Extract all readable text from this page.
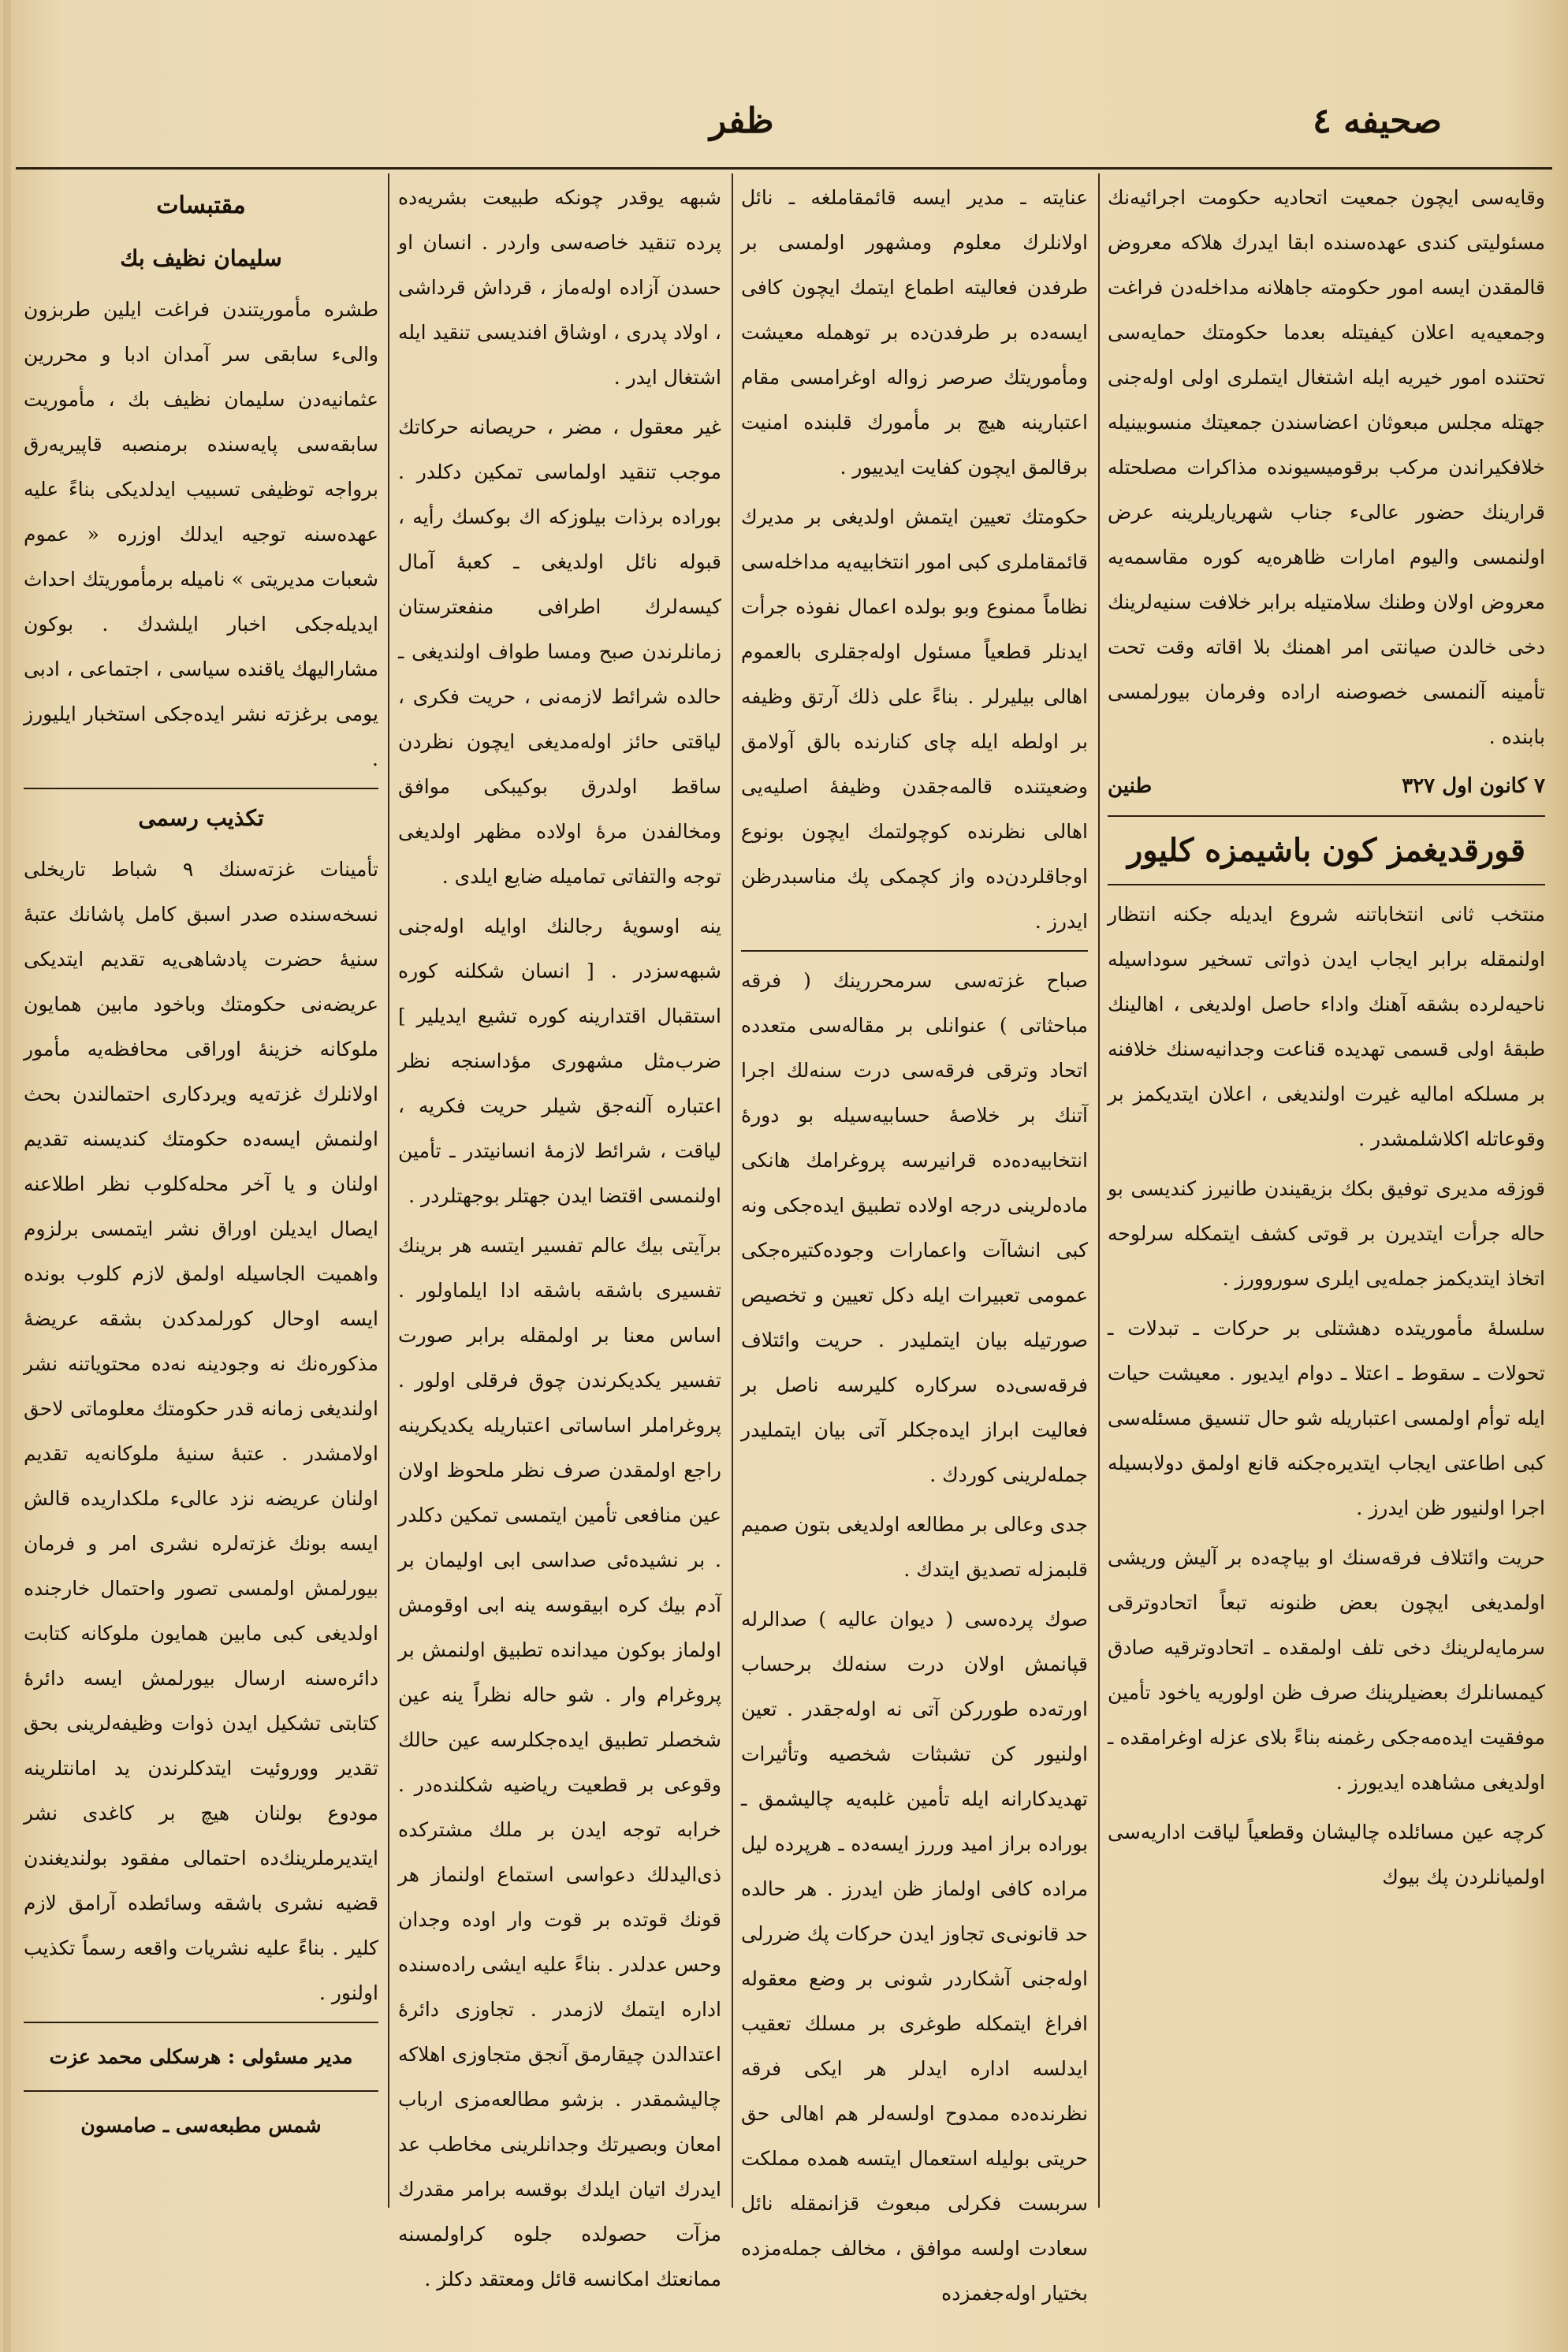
صحیفه ٤
ظفر

وقایه‌سی ایچون جمعیت اتحادیه حکومت اجرائیه‌نك مسئولیتی کندی عهده‌سنده ابقا ایدرك هلاکه معروض قالمقدن ایسه امور حکومته جاهلانه مداخله‌دن فراغت وجمعیه‌یه اعلان کیفیتله بعدما حکومتك حمایه‌سی تحتنده امور خیریه ایله اشتغال ایتملری اولی اوله‌جنی جهتله مجلس مبعوثان اعضاسندن جمعیتك منسوبینیله خلافکیراندن مرکب برقومیسیونده مذاکرات مصلحتله قرارینك حضور عالی‌ء جناب شهریاریلرینه عرض اولنمسی والیوم امارات ظاهره‌یه کوره مقاسمه‌یه معروض اولان وطنك سلامتیله برابر خلافت سنیه‌لرینك دخی خالدن صیانتی امر اهمنك بلا اقاته وقت تحت تأمینه آلنمسی خصوصنه اراده وفرمان بیورلمسی بابنده .

۷ کانون اول ۳۲۷
طنین
قورقدیغمز کون باشیمزه کلیور

منتخب ثانی انتخاباتنه شروع ایدیله جکنه انتظار اولنمقله برابر ایجاب ایدن ذواتی تسخیر سوداسیله ناحیه‌لرده بشقه آهنك واداء حاصل اولدیغی ، اهالینك طبقهٔ اولی قسمی تهدیده قناعت وجدانیه‌سنك خلافنه بر مسلکه امالیه غیرت اولندیغی ، اعلان ایتدیکمز بر وقوعاتله اکلاشلمشدر .

قوزقه مدیری توفیق بکك بزیقیندن طانیرز کندیسی بو حاله جرأت ایتدیرن بر قوتی کشف ایتمکله سرلوحه اتخاذ ایتدیکمز جمله‌یی ایلری سوروورز .

سلسلهٔ مأموریتده دهشتلی بر حرکات ـ تبدلات ـ تحولات ـ سقوط ـ اعتلا ـ دوام ایدیور . معیشت حیات ایله توأم اولمسی اعتباریله شو حال تنسیق مسئله‌سی کبی اطاعتی ایجاب ایتدیره‌جکنه قانع اولمق دولابسیله اجرا اولنیور ظن ایدرز .

حریت وائتلاف فرقه‌سنك او بیاچه‌ده بر آلیش وریشی اولمدیغی ایچون بعض ظنونه تبعاً اتحادوترقی سرمایه‌لرینك دخی تلف اولمقده ـ اتحادوترقیه صادق کیمسانلرك بعضیلرینك صرف ظن اولوریه یاخود تأمین موفقیت ایده‌مه‌جکی رغمنه بناءً بلای عزله اوغرامقده ـ اولدیغی مشاهده ایدیورز .

کرچه عین مسائلده چالیشان وقطعیاً لیاقت اداریه‌سی اولمیانلردن پك بیوك

عنایته ـ مدیر ایسه قائمقاملغه ـ نائل اولانلرك معلوم ومشهور اولمسی بر طرفدن فعالیته اطماع ایتمك ایچون کافی ایسه‌ده بر طرفدن‌ده بر توهمله معیشت ومأموریتك صرصر زواله اوغرامسی مقام اعتبارینه هیچ بر مأمورك قلبنده امنیت برقالمق ایچون کفایت ایدییور .

حکومتك تعیین ایتمش اولدیغی بر مدیرك قائمقاملری کبی امور انتخابیه‌یه مداخله‌سی نظاماً ممنوع وبو بولده اعمال نفوذه جرأت ایدنلر قطعیاً مسئول اوله‌جقلری بالعموم اهالی بیلیرلر . بناءً علی ذلك آرتق وظیفه بر اولطه ایله چای کنارنده بالق آولامق وضعیتنده قالمه‌جقدن وظیفهٔ اصلیه‌یی اهالی نظرنده کوچولتمك ایچون بونوع اوجاقلردن‌ده واز کچمکی پك مناسبدرظن ایدرز .

صباح غزته‌سی سرمحررینك ( فرقه مباحثاتی ) عنوانلی بر مقاله‌سی متعدده اتحاد وترقی فرقه‌سی درت سنه‌لك اجرا آتنك بر خلاصهٔ حسابیه‌سیله بو دورهٔ انتخابیه‌ده‌ده قرانیرسه پروغرامك هانکی ماده‌لرینی درجه اولاده تطبیق ایده‌جکی ونه کبی انشاآت واعمارات وجوده‌کتیره‌جکی عمومی تعبیرات ایله دکل تعیین و تخصیص صورتیله بیان ایتملیدر . حریت وائتلاف فرقه‌سی‌ده سرکاره کلیرسه ناصل بر فعالیت ابراز ایده‌جکلر آتی بیان ایتملیدر جمله‌لرینی کوردك .

جدی وعالی بر مطالعه اولدیغی بتون صمیم قلبمزله تصدیق ایتدك .

صوك پرده‌سی ( دیوان عالیه ) صدالرله قپانمش اولان درت سنه‌لك برحساب اورته‌ده طوررکن آتی نه اوله‌جقدر . تعین اولنیور کن تشبثات شخصیه وتأثیرات تهدیدکارانه ایله تأمین غلبه‌یه چالیشمق ـ بوراده براز امید وررز ایسه‌ده ـ هرپرده لیل مراده کافی اولماز ظن ایدرز . هر حالده حد قانونی‌ی تجاوز ایدن حرکات پك ضررلی اوله‌جنی آشکاردر شونی بر وضع معقوله افراغ ایتمکله طوغری بر مسلك تعقیب ایدلسه اداره ایدلر هر ایکی فرقه نظرنده‌ده ممدوح اولسه‌لر هم اهالی حق حریتی بولیله استعمال ایتسه همده مملکت سربست فکرلی مبعوث قزانمقله نائل سعادت اولسه موافق ، مخالف جمله‌مزده بختیار اوله‌جغمزده

شبهه یوقدر چونکه طبیعت بشریه‌ده پرده تنقید خاصه‌سی واردر . انسان او حسدن آزاده اوله‌ماز ، قرداش قرداشی ، اولاد پدری ، اوشاق افندیسی تنقید ایله اشتغال ایدر .

غیر معقول ، مضر ، حریصانه حرکاتك موجب تنقید اولماسی تمکین دکلدر . بوراده برذات بیلوزکه اك بوکسك رأیه ، قبوله نائل اولدیغی ـ کعبهٔ آمال کیسه‌لرك اطرافی منفعترستان زمانلرندن صبح ومسا طواف اولندیغی ـ حالده شرائط لازمه‌نی ، حریت فکری ، لیاقتی حائز اوله‌مدیغی ایچون نظردن ساقط اولدرق بوکیبکی موافق ومخالفدن مرهٔ اولاده مظهر اولدیغی توجه والتفاتی تمامیله ضایع ایلدی .

ینه اوسویهٔ رجالنك اوایله اوله‌جنی شبهه‌سزدر . [ انسان شکلنه کوره استقبال اقتدارینه کوره تشیع ایدیلیر ] ضرب‌مثل مشهوری مؤداسنجه نظر اعتباره آلنه‌جق شیلر حریت فکریه ، لیاقت ، شرائط لازمهٔ انسانیتدر ـ تأمین اولنمسی اقتضا ایدن جهتلر بوجهتلردر .

برآیتی بیك عالم تفسیر ایتسه هر برینك تفسیری باشقه باشقه ادا ایلماولور . اساس معنا بر اولمقله برابر صورت تفسیر یکدیکرندن چوق فرقلی اولور . پروغراملر اساساتی اعتباریله یکدیکرینه راجع اولمقدن صرف نظر ملحوظ اولان عین منافعی تأمین ایتمسی تمکین دکلدر . بر نشیده‌ئی صداسی ابی اولیمان بر آدم بیك کره ابیقوسه ینه ابی اوقومش اولماز بوکون میدانده تطبیق اولنمش بر پروغرام وار . شو حاله نظراً ینه عین شخصلر تطبیق ایده‌جکلرسه عین حالك وقوعی بر قطعیت ریاضیه شکلنده‌در . خرابه توجه ایدن بر ملك مشترکده ذی‌الیدلك دعواسی استماع اولنماز هر قونك قوتده بر قوت وار اوده وجدان وحس عدلدر . بناءً علیه ایشی راده‌سنده اداره ایتمك لازمدر . تجاوزی دائرهٔ اعتدالدن چیقارمق آنجق متجاوزی اهلاکه چالیشمقدر . بزشو مطالعه‌مزی ارباب امعان وبصیرتك وجدانلرینی مخاطب عد ایدرك اتیان ایلدك بوقسه برامر مقدرك مزآت حصولده جلوه کراولمسنه ممانعتك امکانسه قائل ومعتقد دکلز .

مقتبسات
سلیمان نظیف بك

طشره مأموریتندن فراغت ایلین طربزون والی‌ء سابقی سر آمدان ادبا و محررین عثمانیه‌دن سلیمان نظیف بك ، مأموریت سابقه‌سی پایه‌سنده برمنصبه قاپیریه‌رق برواجه توظیفی تسبیب ایدلدیکی بناءً علیه عهده‌سنه توجیه ایدلك اوزره « عموم شعبات مدیریتی » نامیله برمأموریتك احداث ایدیله‌جکی اخبار ایلشدك . بوکون مشارالیهك یاقنده سیاسی ، اجتماعی ، ادبی یومی برغزته نشر ایده‌جکی استخبار ایلیورز .

تکذیب رسمی

تأمینات غزته‌سنك ۹ شباط تاریخلی نسخه‌سنده صدر اسبق کامل پاشانك عتبهٔ سنیهٔ حضرت پادشاهی‌یه تقدیم ایتدیکی عریضه‌نی حکومتك وباخود مابین همایون ملوکانه خزینهٔ اوراقی محافظه‌یه مأمور اولانلرك غزته‌یه ویردکاری احتمالندن بحث اولنمش ایسه‌ده حکومتك کندیسنه تقدیم اولنان و یا آخر محله‌کلوب نظر اطلاعنه ایصال ایدیلن اوراق نشر ایتمسی برلزوم واهمیت الجاسیله اولمق لازم کلوب بونده ایسه اوحال کورلمدکدن بشقه عریضهٔ مذکوره‌نك نه وجودینه نه‌ده محتویاتنه نشر اولندیغی زمانه قدر حکومتك معلوماتی لاحق اولامشدر . عتبهٔ سنیهٔ ملوکانه‌یه تقدیم اولنان عریضه نزد عالی‌ء ملکداریده قالش ایسه بونك غزته‌لره نشری امر و فرمان بیورلمش اولمسی تصور واحتمال خارجنده اولدیغی کبی مابین همایون ملوکانه کتابت دائره‌سنه ارسال بیورلمش ایسه دائرهٔ کتابتی تشکیل ایدن ذوات وظیفه‌لرینی بحق تقدیر ووروئیت ایتدکلرندن ید امانتلرینه مودوع بولنان هیچ بر کاغدی نشر ایتدیرملرینك‌ده احتمالی مفقود بولندیغندن قضیه نشری باشقه وسائطده آرامق لازم کلیر . بناءً علیه نشریات واقعه رسماً تکذیب اولنور .

مدیر مسئولی : هرسکلی محمد عزت
شمس مطبعه‌سی ـ صامسون
